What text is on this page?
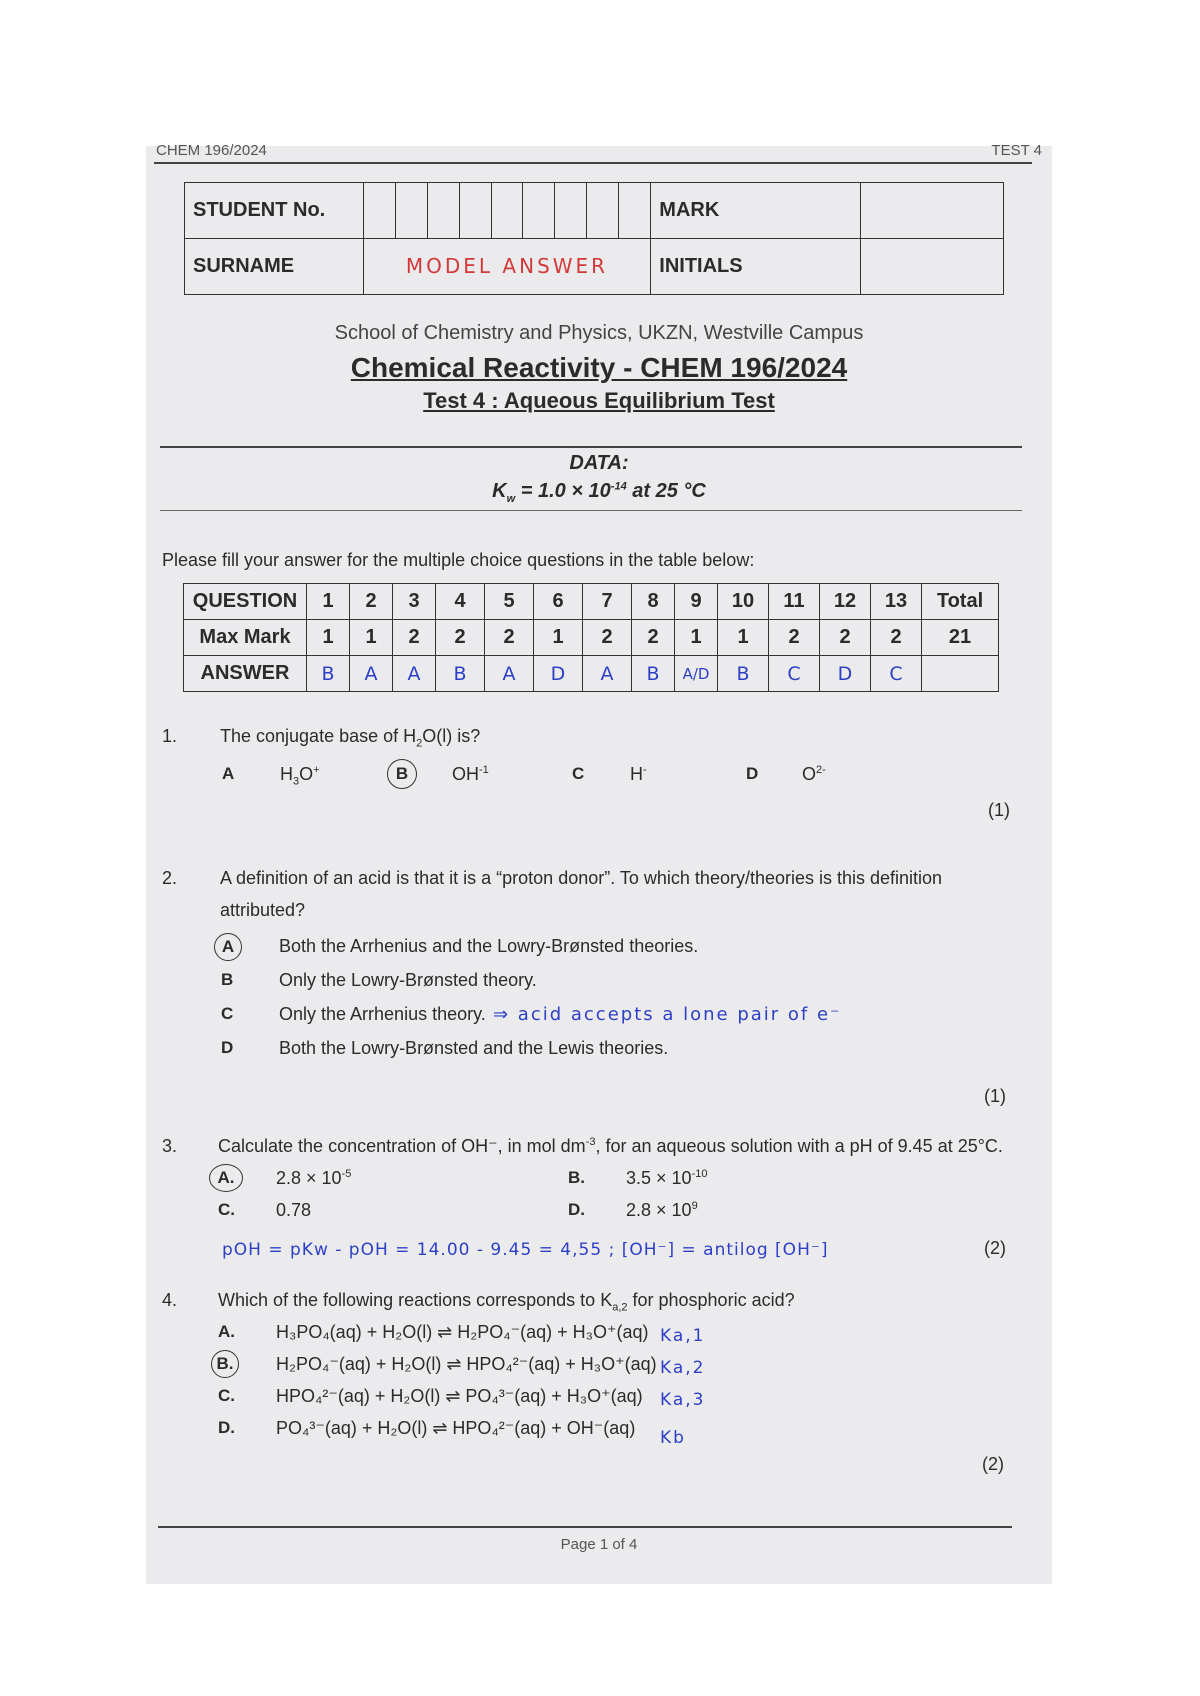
CHEM 196/2024	TEST 4
STUDENT No.										MARK	
SURNAME	MODEL ANSWER									INITIALS	
School of Chemistry and Physics, UKZN, Westville Campus
Chemical Reactivity - CHEM 196/2024
Test 4 : Aqueous Equilibrium Test
DATA:
$K_w = 1.0 \times 10^{-14}$ at 25 °C
Please fill your answer for the multiple choice questions in the table below:
QUESTION	1	2	3	4	5	6	7	8	9	10	11	12	13	Total
Max Mark	1	1	2	2	2	1	2	2	1	1	2	2	2	21
ANSWER	B	A	A	B	A	D	A	B	A/D	B	C	D	C	
1. The conjugate base of $H_2O(l)$ is?
A	$H_3O^+$	B	$OH^{-1}$	C	H-	D $O^{2-}$
(1)
2. A definition of an acid is that it is a “proton donor”. To which theory/theories is this definition
attributed?
A	Both the Arrhenius and the Lowry-Brønsted theories.
B	Only the Lowry-Brønsted theory.
C	Only the Arrhenius theory. ⇒ acid accepts a lone pair of e⁻
D	Both the Lowry-Brønsted and the Lewis theories.
(1)
3. Calculate the concentration of OH⁻, in mol $dm^{-3}$, for an aqueous solution with a pH of 9.45 at 25°C.
A.	$2.8 \times 10^{-5}$	B. $3.5 \times 10^{-10}$
C. 0.78	D. $2.8 \times 10^9$
pOH = pKw - pOH = 14.00 - 9.45 = 4,55 ; [OH⁻] = antilog [OH⁻]	(2)
4. Which of the following reactions corresponds to $K_{a,2}$ for phosphoric acid?
A. H₃PO₄(aq) + H₂O(l) ⇌ H₂PO₄⁻(aq) + H₃O⁺(aq) Ka,1
B.	H₂PO₄⁻(aq) + H₂O(l) ⇌ HPO₄²⁻(aq) + H₃O⁺(aq) Ka,2
C. HPO₄²⁻(aq) + H₂O(l) ⇌ PO₄³⁻(aq) + H₃O⁺(aq) Ka,3
D. PO₄³⁻(aq) + H₂O(l) ⇌ HPO₄²⁻(aq) + OH⁻(aq) Kb
(2)
Page 1 of 4
